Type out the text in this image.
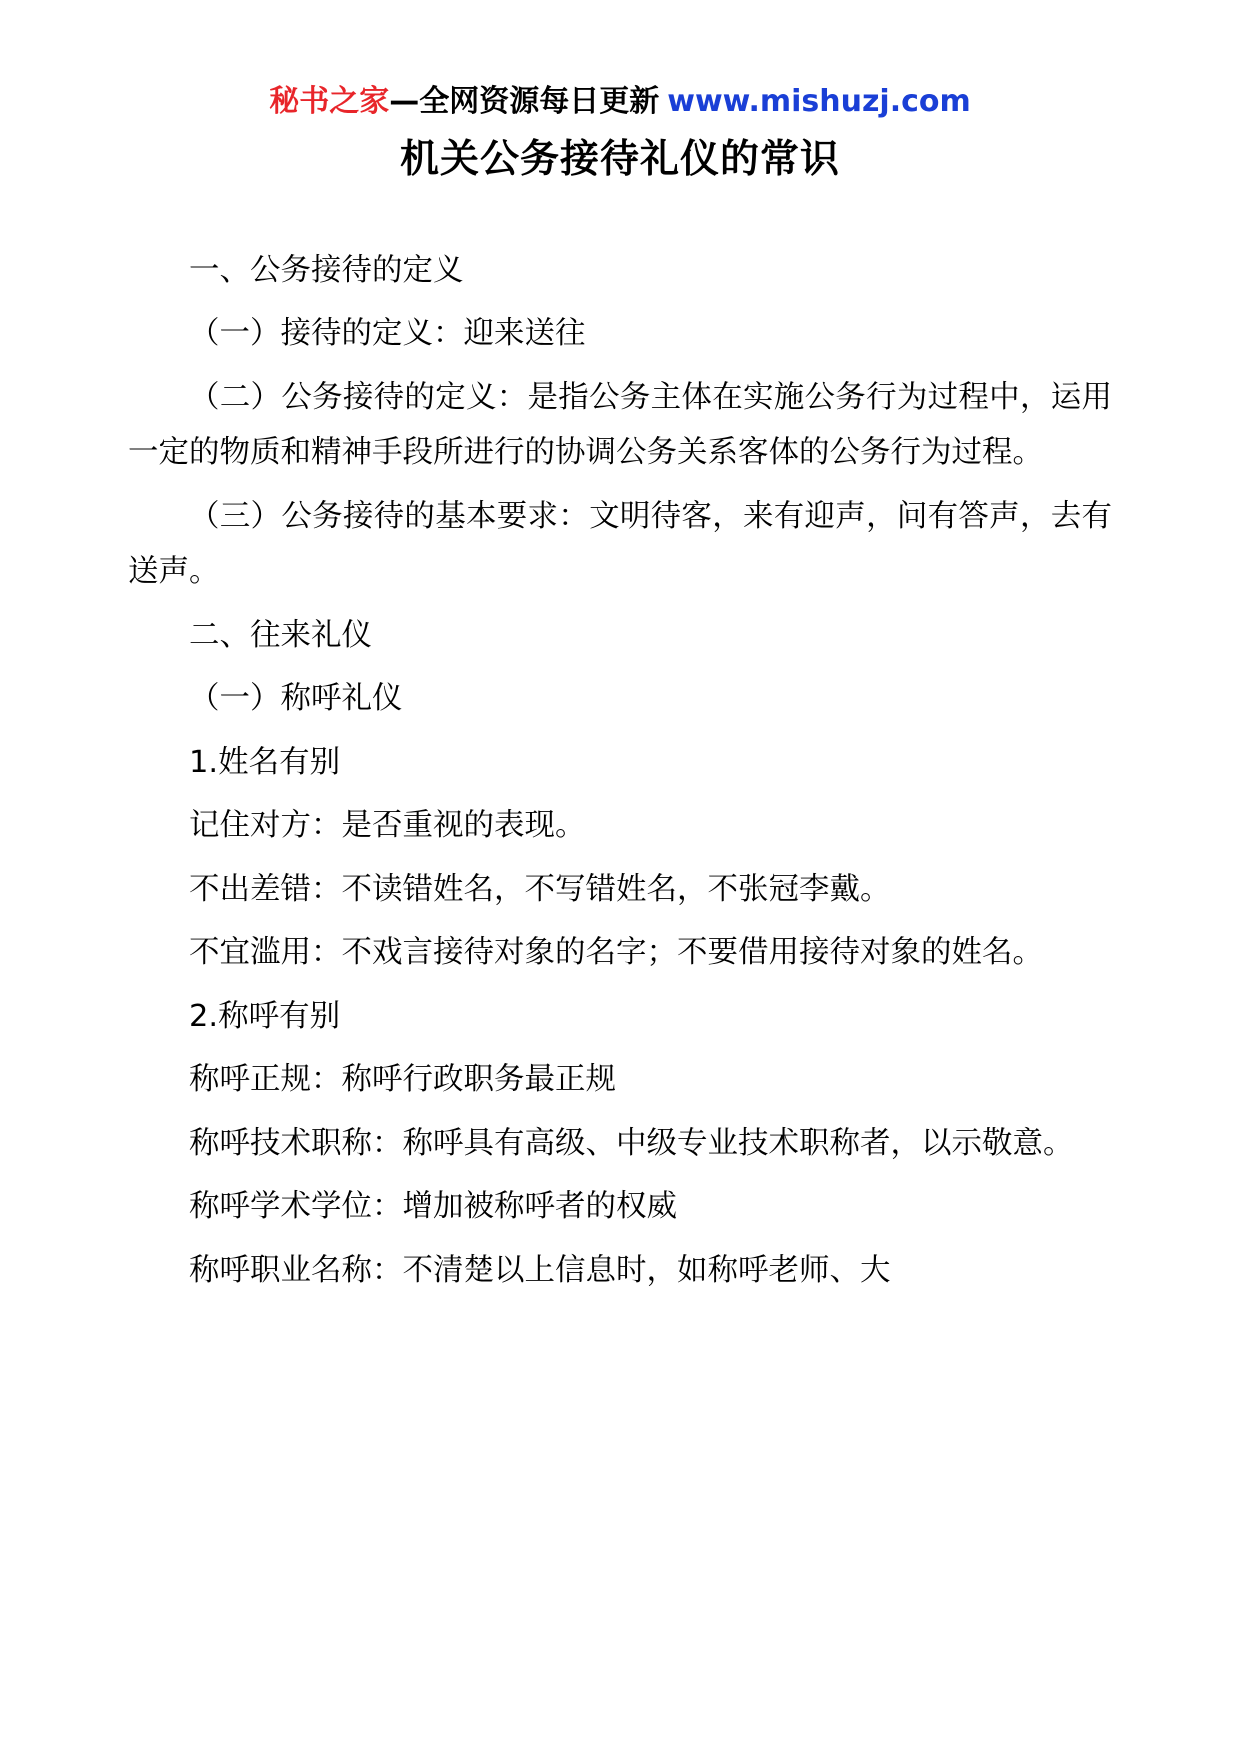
秘书之家—全网资源每日更新 www.mishuzj.com
机关公务接待礼仪的常识

一、公务接待的定义

（一）接待的定义：迎来送往

（二）公务接待的定义：是指公务主体在实施公务行为过程中，运用一定的物质和精神手段所进行的协调公务关系客体的公务行为过程。

（三）公务接待的基本要求：文明待客，来有迎声，问有答声，去有送声。

二、往来礼仪

（一）称呼礼仪

1.姓名有别

记住对方：是否重视的表现。

不出差错：不读错姓名，不写错姓名，不张冠李戴。

不宜滥用：不戏言接待对象的名字；不要借用接待对象的姓名。

2.称呼有别

称呼正规：称呼行政职务最正规

称呼技术职称：称呼具有高级、中级专业技术职称者，以示敬意。

称呼学术学位：增加被称呼者的权威

称呼职业名称：不清楚以上信息时，如称呼老师、大
